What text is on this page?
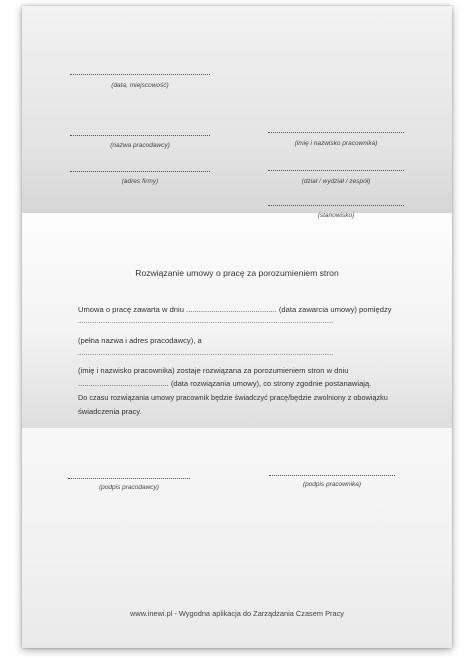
(data, miejscowość)
(nazwa pracodawcy)
(adres firmy)
(imię i nazwisko pracownika)
(dział / wydział / zespół)
(stanowisko)
Rozwiązanie umowy o pracę za porozumieniem stron
Umowa o pracę zawarta w dniu ........................................... (data zawarcia umowy) pomiędzy
.........................................................................................................................................
(pełna nazwa i adres pracodawcy), a
.........................................................................................................................................
(imię i nazwisko pracownika) zostaje rozwiązana za porozumieniem stron w dniu
........................................... (data rozwiązania umowy), co strony zgodnie postanawiają.
Do czasu rozwiązania umowy pracownik będzie świadczyć pracę/będzie zwolniony z obowiązku
świadczenia pracy.
(podpis pracodawcy)	(podpis pracownika)
www.inewi.pl - Wygodna aplikacja do Zarządzania Czasem Pracy
